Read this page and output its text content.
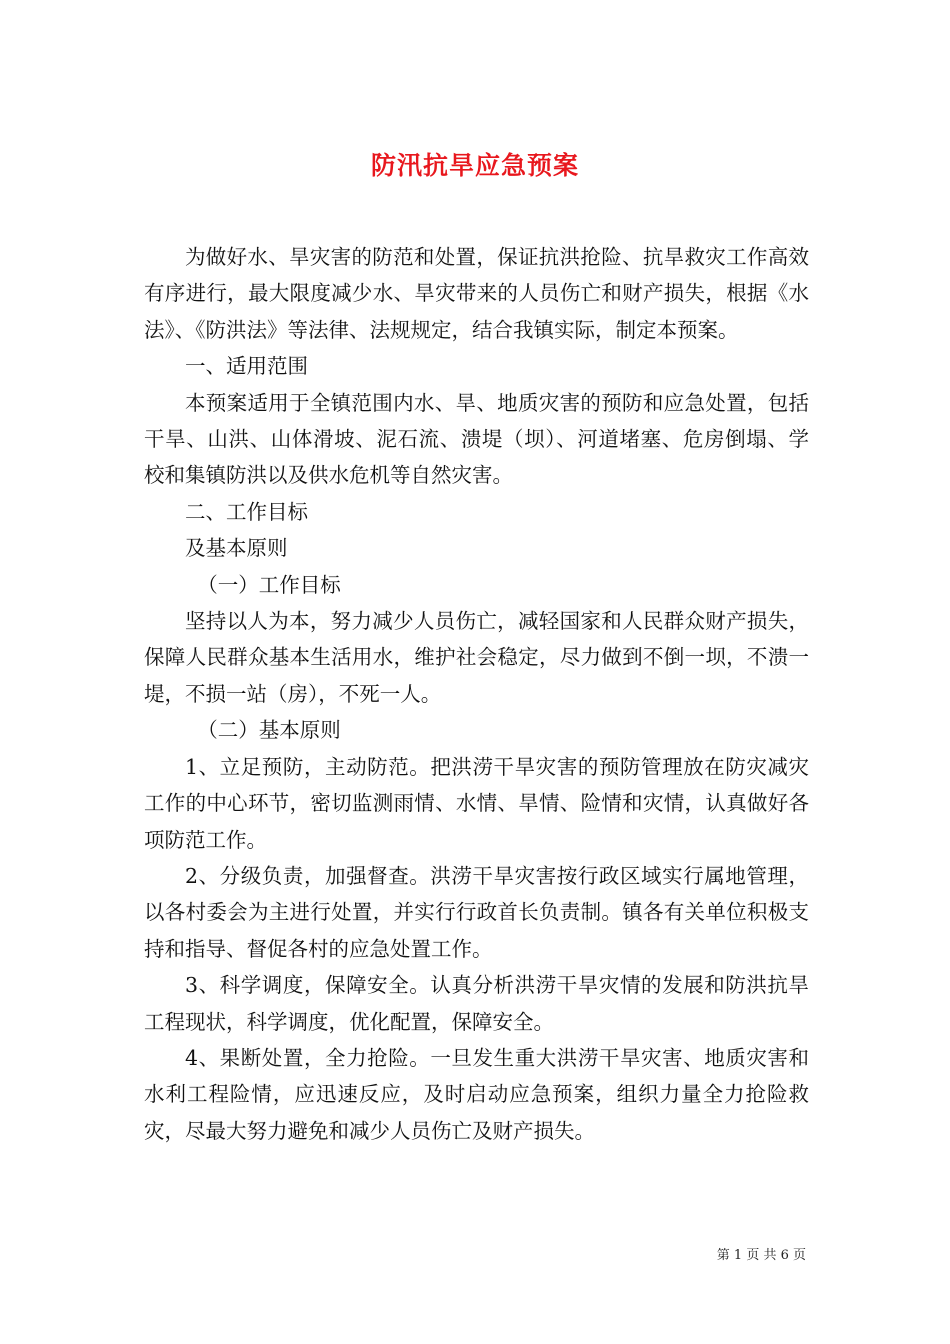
防汛抗旱应急预案

为做好水、旱灾害的防范和处置，保证抗洪抢险、抗旱救灾工作高效有序进行，最大限度减少水、旱灾带来的人员伤亡和财产损失，根据《水法》、《防洪法》等法律、法规规定，结合我镇实际，制定本预案。

一、适用范围

本预案适用于全镇范围内水、旱、地质灾害的预防和应急处置，包括干旱、山洪、山体滑坡、泥石流、溃堤（坝）、河道堵塞、危房倒塌、学校和集镇防洪以及供水危机等自然灾害。

二、工作目标

及基本原则

（一）工作目标

坚持以人为本，努力减少人员伤亡，减轻国家和人民群众财产损失，保障人民群众基本生活用水，维护社会稳定，尽力做到不倒一坝，不溃一堤，不损一站（房），不死一人。

（二）基本原则

1、立足预防，主动防范。把洪涝干旱灾害的预防管理放在防灾减灾工作的中心环节，密切监测雨情、水情、旱情、险情和灾情，认真做好各项防范工作。

2、分级负责，加强督查。洪涝干旱灾害按行政区域实行属地管理，以各村委会为主进行处置，并实行行政首长负责制。镇各有关单位积极支持和指导、督促各村的应急处置工作。

3、科学调度，保障安全。认真分析洪涝干旱灾情的发展和防洪抗旱工程现状，科学调度，优化配置，保障安全。

4、果断处置，全力抢险。一旦发生重大洪涝干旱灾害、地质灾害和水利工程险情，应迅速反应，及时启动应急预案，组织力量全力抢险救灾，尽最大努力避免和减少人员伤亡及财产损失。

第 1 页 共 6 页
